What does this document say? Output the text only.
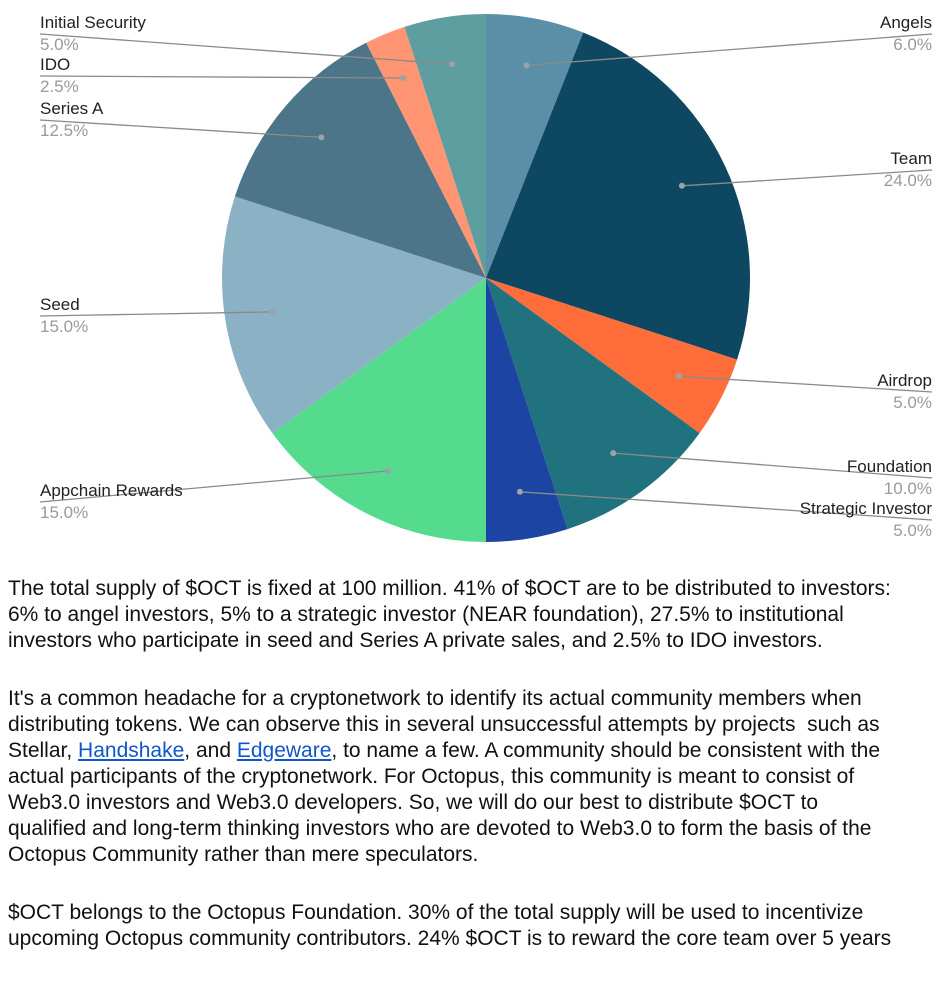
Angels
6.0%
Team
24.0%
Airdrop
5.0%
Foundation
10.0%
Strategic Investor
5.0%
Appchain Rewards
15.0%
Seed
15.0%
Series A
12.5%
IDO
2.5%
Initial Security
5.0%

The total supply of $OCT is fixed at 100 million. 41% of $OCT are to be distributed to investors:
6% to angel investors, 5% to a strategic investor (NEAR foundation), 27.5% to institutional
investors who participate in seed and Series A private sales, and 2.5% to IDO investors.

It's a common headache for a cryptonetwork to identify its actual community members when
distributing tokens. We can observe this in several unsuccessful attempts by projects  such as
Stellar, Handshake, and Edgeware, to name a few. A community should be consistent with the
actual participants of the cryptonetwork. For Octopus, this community is meant to consist of
Web3.0 investors and Web3.0 developers. So, we will do our best to distribute $OCT to
qualified and long-term thinking investors who are devoted to Web3.0 to form the basis of the
Octopus Community rather than mere speculators.

$OCT belongs to the Octopus Foundation. 30% of the total supply will be used to incentivize
upcoming Octopus community contributors. 24% $OCT is to reward the core team over 5 years
